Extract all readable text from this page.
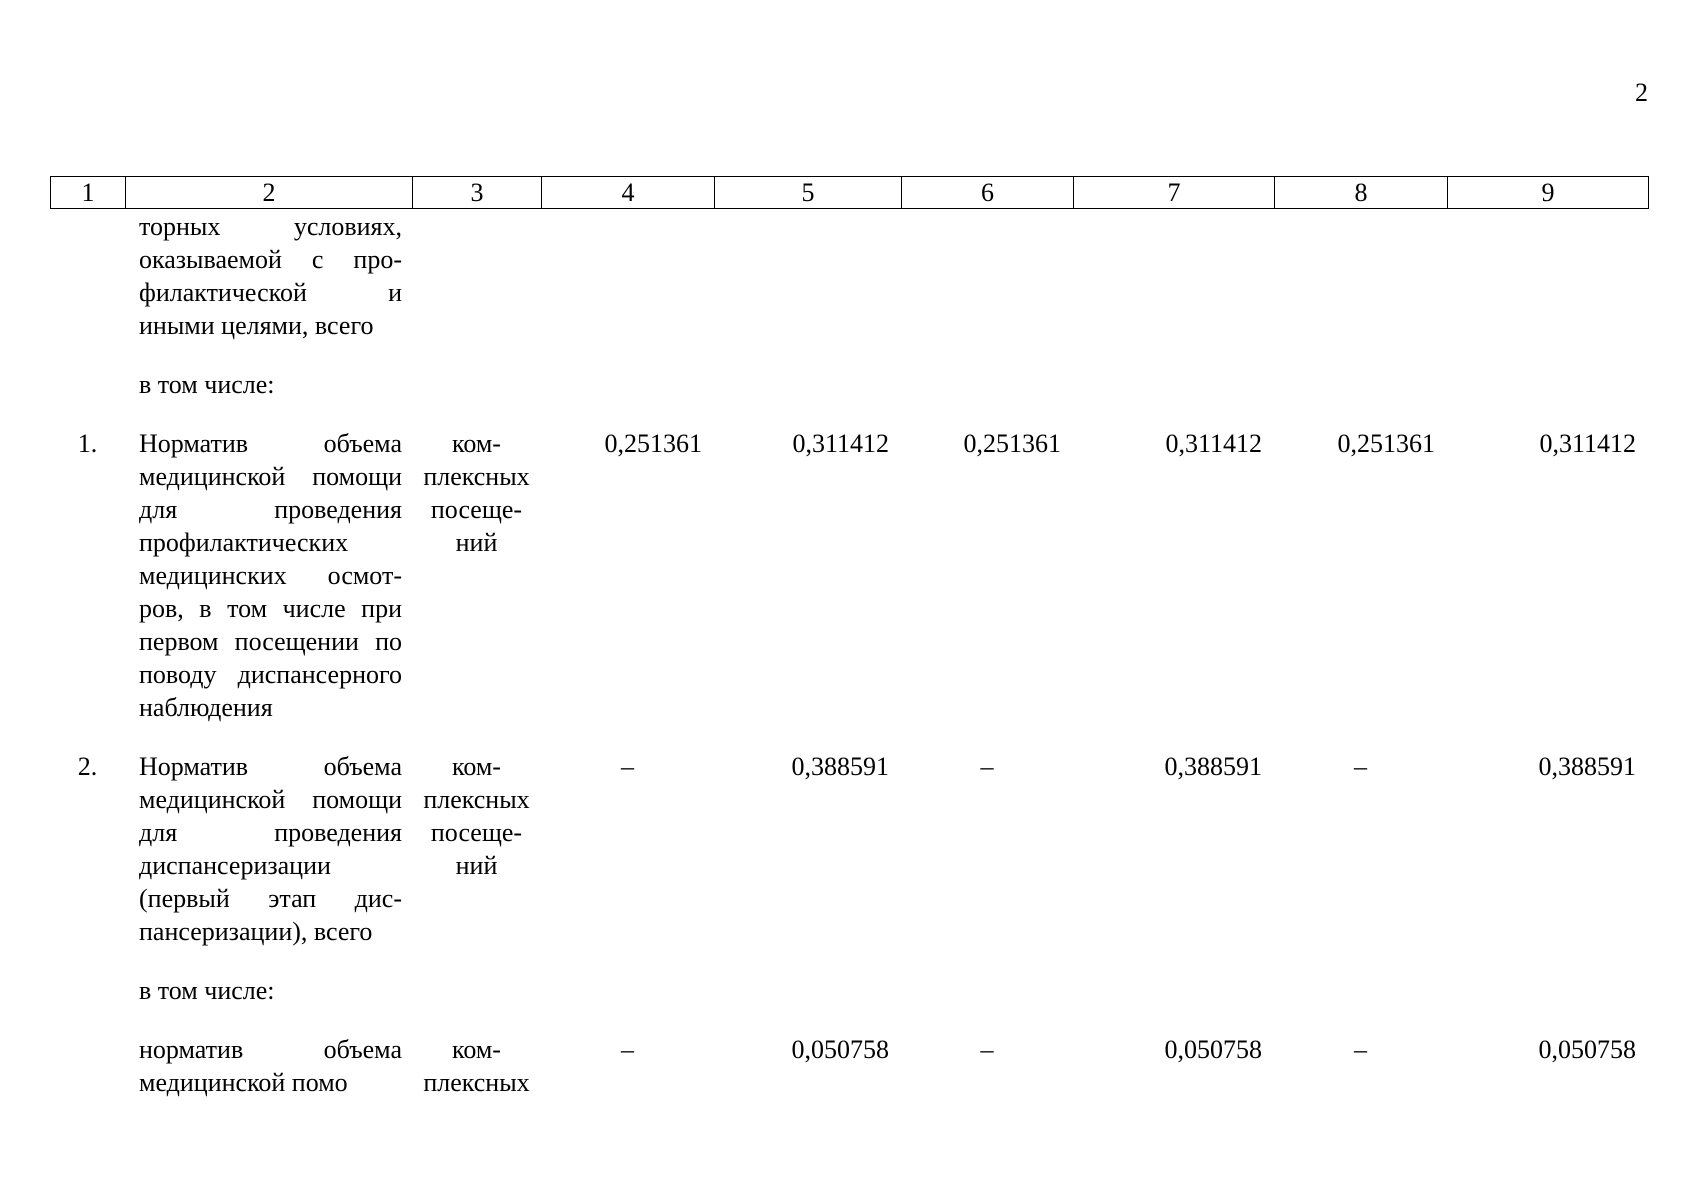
2
1	2	3	4	5	6	7	8	9
	торных условиях, оказываемой с профилактической и иными целями, всего							

	в том числе:							

1.	Норматив объема медицинской помощи для проведения профилактических медицинских осмотров, в том числе при первом посещении по поводу диспансерного наблюдения	комплексных посещений	0,251361	0,311412	0,251361	0,311412	0,251361	0,311412

2.	Норматив объема медицинской помощи для проведения диспансеризации (первый этап диспансеризации), всего	комплексных посещений	–	0,388591	–	0,388591	–	0,388591

	в том числе:							

	норматив объема медицинской помо	комплексных	–	0,050758	–	0,050758	–	0,050758
